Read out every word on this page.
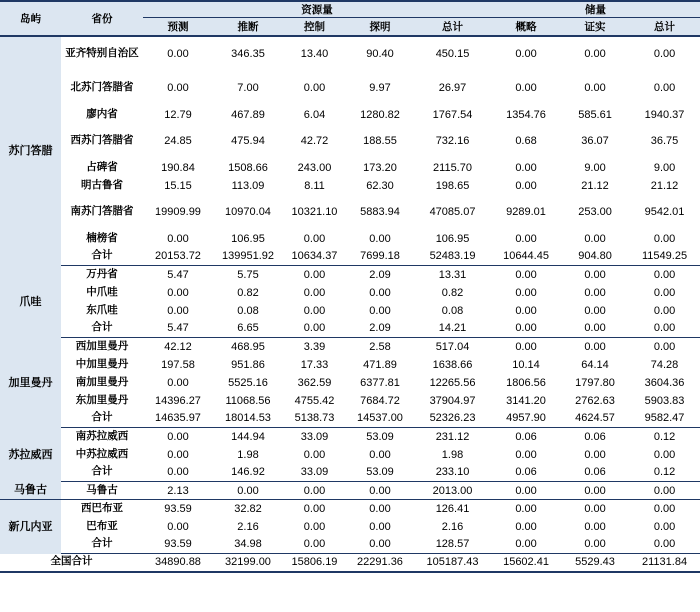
岛屿	省份	资源量					储量		
		预测	推断	控制	探明	总计	概略	证实	总计
苏门答腊	亚齐特别自治区	0.00	346.35	13.40	90.40	450.15	0.00	0.00	0.00
	北苏门答腊省	0.00	7.00	0.00	9.97	26.97	0.00	0.00	0.00
	廖内省	12.79	467.89	6.04	1280.82	1767.54	1354.76	585.61	1940.37
	西苏门答腊省	24.85	475.94	42.72	188.55	732.16	0.68	36.07	36.75
	占碑省	190.84	1508.66	243.00	173.20	2115.70	0.00	9.00	9.00
	明古鲁省	15.15	113.09	8.11	62.30	198.65	0.00	21.12	21.12
	南苏门答腊省	19909.99	10970.04	10321.10	5883.94	47085.07	9289.01	253.00	9542.01
	楠榜省	0.00	106.95	0.00	0.00	106.95	0.00	0.00	0.00
	合计	20153.72	139951.92	10634.37	7699.18	52483.19	10644.45	904.80	11549.25
爪哇	万丹省	5.47	5.75	0.00	2.09	13.31	0.00	0.00	0.00
	中爪哇	0.00	0.82	0.00	0.00	0.82	0.00	0.00	0.00
	东爪哇	0.00	0.08	0.00	0.00	0.08	0.00	0.00	0.00
	合计	5.47	6.65	0.00	2.09	14.21	0.00	0.00	0.00
加里曼丹	西加里曼丹	42.12	468.95	3.39	2.58	517.04	0.00	0.00	0.00
	中加里曼丹	197.58	951.86	17.33	471.89	1638.66	10.14	64.14	74.28
	南加里曼丹	0.00	5525.16	362.59	6377.81	12265.56	1806.56	1797.80	3604.36
	东加里曼丹	14396.27	11068.56	4755.42	7684.72	37904.97	3141.20	2762.63	5903.83
	合计	14635.97	18014.53	5138.73	14537.00	52326.23	4957.90	4624.57	9582.47
苏拉威西	南苏拉威西	0.00	144.94	33.09	53.09	231.12	0.06	0.06	0.12
	中苏拉威西	0.00	1.98	0.00	0.00	1.98	0.00	0.00	0.00
	合计	0.00	146.92	33.09	53.09	233.10	0.06	0.06	0.12
马鲁古	马鲁古	2.13	0.00	0.00	0.00	2013.00	0.00	0.00	0.00
新几内亚	西巴布亚	93.59	32.82	0.00	0.00	126.41	0.00	0.00	0.00
	巴布亚	0.00	2.16	0.00	0.00	2.16	0.00	0.00	0.00
	合计	93.59	34.98	0.00	0.00	128.57	0.00	0.00	0.00
全国合计		34890.88	32199.00	15806.19	22291.36	105187.43	15602.41	5529.43	21131.84
